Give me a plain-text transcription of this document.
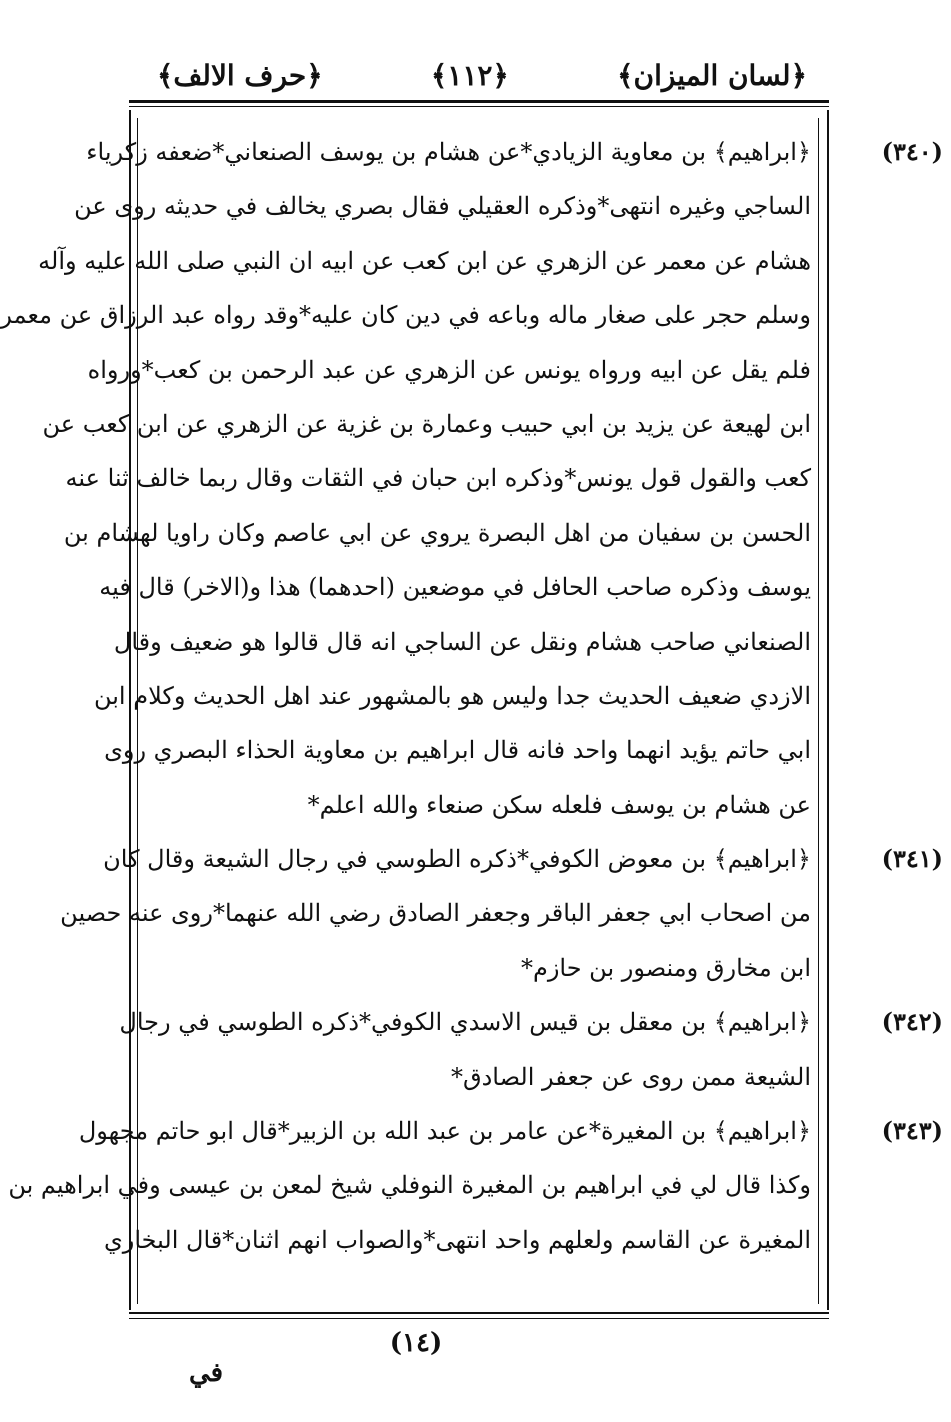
﴿لسان الميزان﴾
﴿١١٢﴾
﴿حرف الالف﴾
﴿ابراهيم﴾ بن معاوية الزيادي*عن هشام بن يوسف الصنعاني*ضعفه زكرياء
الساجي وغيره انتهى*وذكره العقيلي فقال بصري يخالف في حديثه روى عن
هشام عن معمر عن الزهري عن ابن كعب عن ابيه ان النبي صلى الله عليه وآله
وسلم حجر على صغار ماله وباعه في دين كان عليه*وقد رواه عبد الرزاق عن معمر
فلم يقل عن ابيه ورواه يونس عن الزهري عن عبد الرحمن بن كعب*ورواه
ابن لهيعة عن يزيد بن ابي حبيب وعمارة بن غزية عن الزهري عن ابن كعب عن
كعب والقول قول يونس*وذكره ابن حبان في الثقات وقال ربما خالف ثنا عنه
الحسن بن سفيان من اهل البصرة يروي عن ابي عاصم وكان راويا لهشام بن
يوسف وذكره صاحب الحافل في موضعين (احدهما) هذا و(الاخر) قال فيه
الصنعاني صاحب هشام ونقل عن الساجي انه قال قالوا هو ضعيف وقال
الازدي ضعيف الحديث جدا وليس هو بالمشهور عند اهل الحديث وكلام ابن
ابي حاتم يؤيد انهما واحد فانه قال ابراهيم بن معاوية الحذاء البصري روى
عن هشام بن يوسف فلعله سكن صنعاء والله اعلم*
﴿ابراهيم﴾ بن معوض الكوفي*ذكره الطوسي في رجال الشيعة وقال كان
من اصحاب ابي جعفر الباقر وجعفر الصادق رضي الله عنهما*روى عنه حصين
ابن مخارق ومنصور بن حازم*
﴿ابراهيم﴾ بن معقل بن قيس الاسدي الكوفي*ذكره الطوسي في رجال
الشيعة ممن روى عن جعفر الصادق*
﴿ابراهيم﴾ بن المغيرة*عن عامر بن عبد الله بن الزبير*قال ابو حاتم مجهول
وكذا قال لي في ابراهيم بن المغيرة النوفلي شيخ لمعن بن عيسى وفي ابراهيم بن
المغيرة عن القاسم ولعلهم واحد انتهى*والصواب انهم اثنان*قال البخاري
(٣٤٠)
(٣٤١)
(٣٤٢)
(٣٤٣)
(١٤)
في
